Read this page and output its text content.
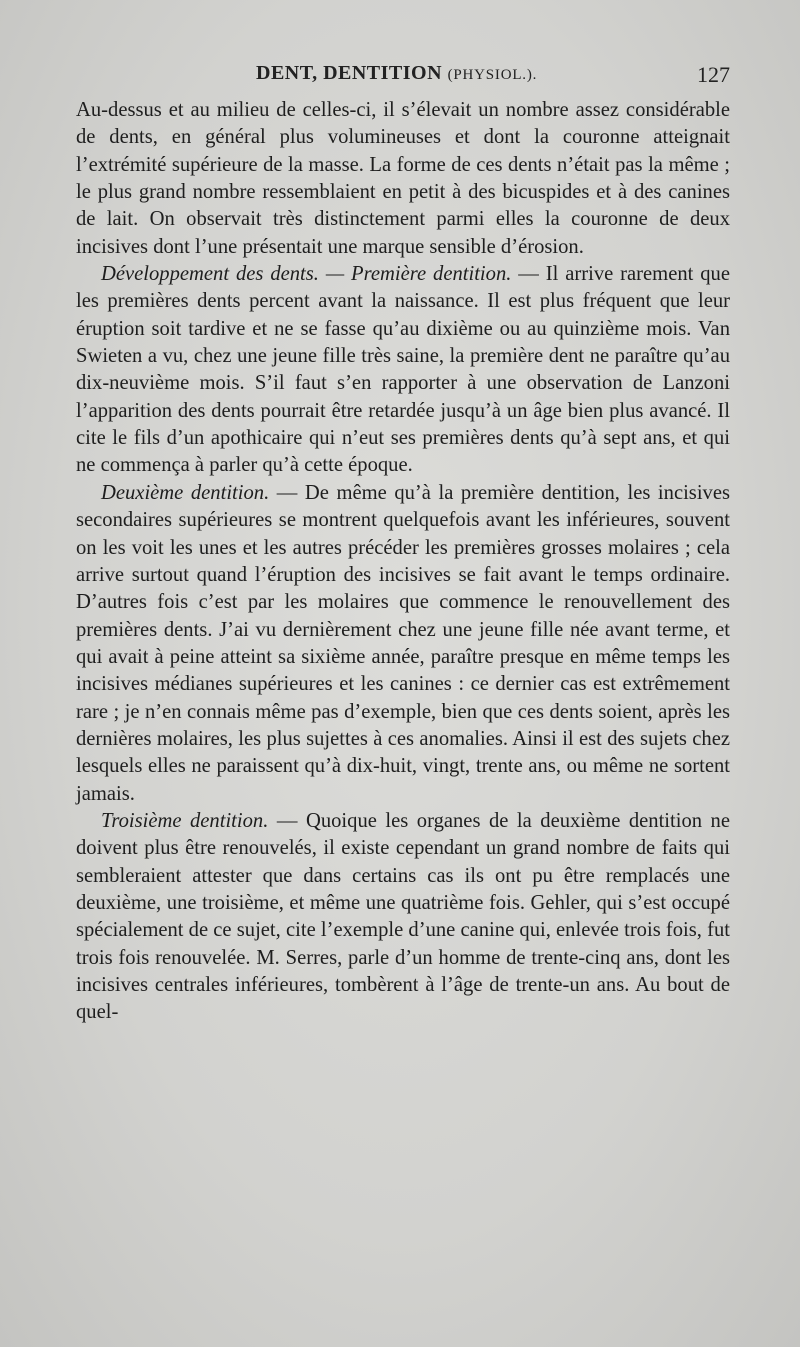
DENT, DENTITION (PHYSIOL.).	127

Au-dessus et au milieu de celles-ci, il s’élevait un nombre assez considérable de dents, en général plus volumineuses et dont la couronne atteignait l’extrémité supérieure de la masse. La forme de ces dents n’était pas la même ; le plus grand nombre ressemblaient en petit à des bicuspides et à des canines de lait. On observait très distinctement parmi elles la couronne de deux incisives dont l’une présentait une marque sensible d’érosion.

Développement des dents. — Première dentition. — Il arrive rarement que les premières dents percent avant la naissance. Il est plus fréquent que leur éruption soit tardive et ne se fasse qu’au dixième ou au quinzième mois. Van Swieten a vu, chez une jeune fille très saine, la première dent ne paraître qu’au dix-neuvième mois. S’il faut s’en rapporter à une observation de Lanzoni l’apparition des dents pourrait être retardée jusqu’à un âge bien plus avancé. Il cite le fils d’un apothicaire qui n’eut ses premières dents qu’à sept ans, et qui ne commença à parler qu’à cette époque.

Deuxième dentition. — De même qu’à la première dentition, les incisives secondaires supérieures se montrent quelquefois avant les inférieures, souvent on les voit les unes et les autres précéder les premières grosses molaires ; cela arrive surtout quand l’éruption des incisives se fait avant le temps ordinaire. D’autres fois c’est par les molaires que commence le renouvellement des premières dents. J’ai vu dernièrement chez une jeune fille née avant terme, et qui avait à peine atteint sa sixième année, paraître presque en même temps les incisives médianes supérieures et les canines : ce dernier cas est extrêmement rare ; je n’en connais même pas d’exemple, bien que ces dents soient, après les dernières molaires, les plus sujettes à ces anomalies. Ainsi il est des sujets chez lesquels elles ne paraissent qu’à dix-huit, vingt, trente ans, ou même ne sortent jamais.

Troisième dentition. — Quoique les organes de la deuxième dentition ne doivent plus être renouvelés, il existe cependant un grand nombre de faits qui sembleraient attester que dans certains cas ils ont pu être remplacés une deuxième, une troisième, et même une quatrième fois. Gehler, qui s’est occupé spécialement de ce sujet, cite l’exemple d’une canine qui, enlevée trois fois, fut trois fois renouvelée. M. Serres, parle d’un homme de trente-cinq ans, dont les incisives centrales inférieures, tombèrent à l’âge de trente-un ans. Au bout de quel-
